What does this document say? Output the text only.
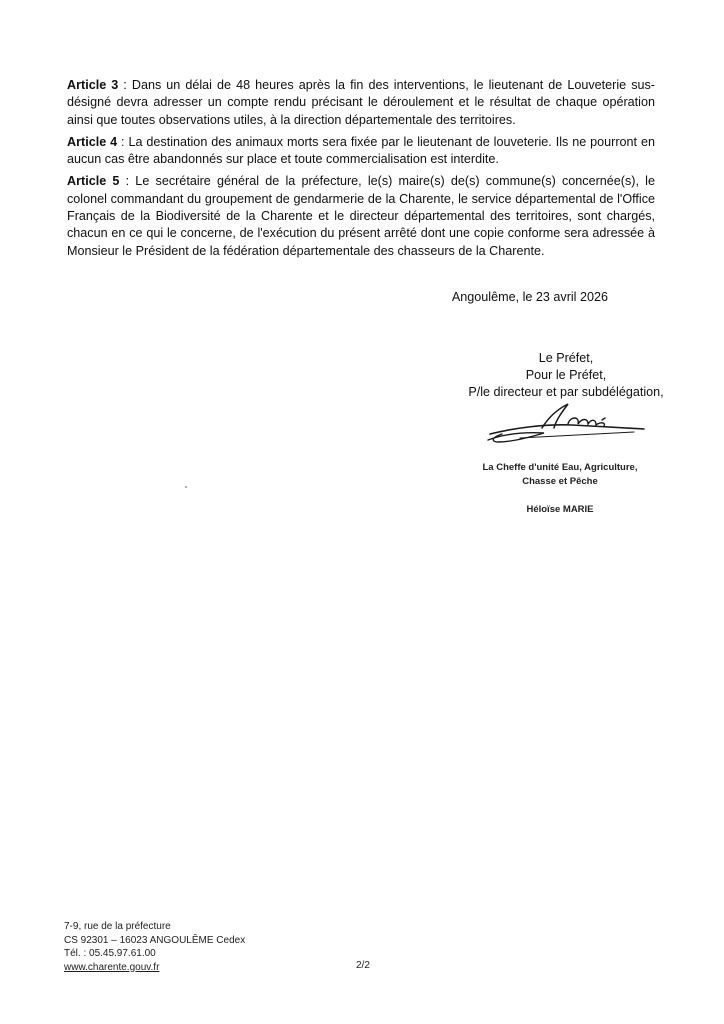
Article 3 : Dans un délai de 48 heures après la fin des interventions, le lieutenant de Louveterie sus-désigné devra adresser un compte rendu précisant le déroulement et le résultat de chaque opération ainsi que toutes observations utiles, à la direction départementale des territoires.

Article 4 : La destination des animaux morts sera fixée par le lieutenant de louveterie. Ils ne pourront en aucun cas être abandonnés sur place et toute commercialisation est interdite.

Article 5 : Le secrétaire général de la préfecture, le(s) maire(s) de(s) commune(s) concernée(s), le colonel commandant du groupement de gendarmerie de la Charente, le service départemental de l'Office Français de la Biodiversité de la Charente et le directeur départemental des territoires, sont chargés, chacun en ce qui le concerne, de l'exécution du présent arrêté dont une copie conforme sera adressée à Monsieur le Président de la fédération départementale des chasseurs de la Charente.

Angoulême, le 23 avril 2026
Le Préfet,
Pour le Préfet,
P/le directeur et par subdélégation,
La Cheffe d'unité Eau, Agriculture,
Chasse et Pêche
Héloïse MARIE
7-9, rue de la préfecture
CS 92301 – 16023 ANGOULÊME Cedex
Tél. : 05.45.97.61.00
www.charente.gouv.fr	2/2
